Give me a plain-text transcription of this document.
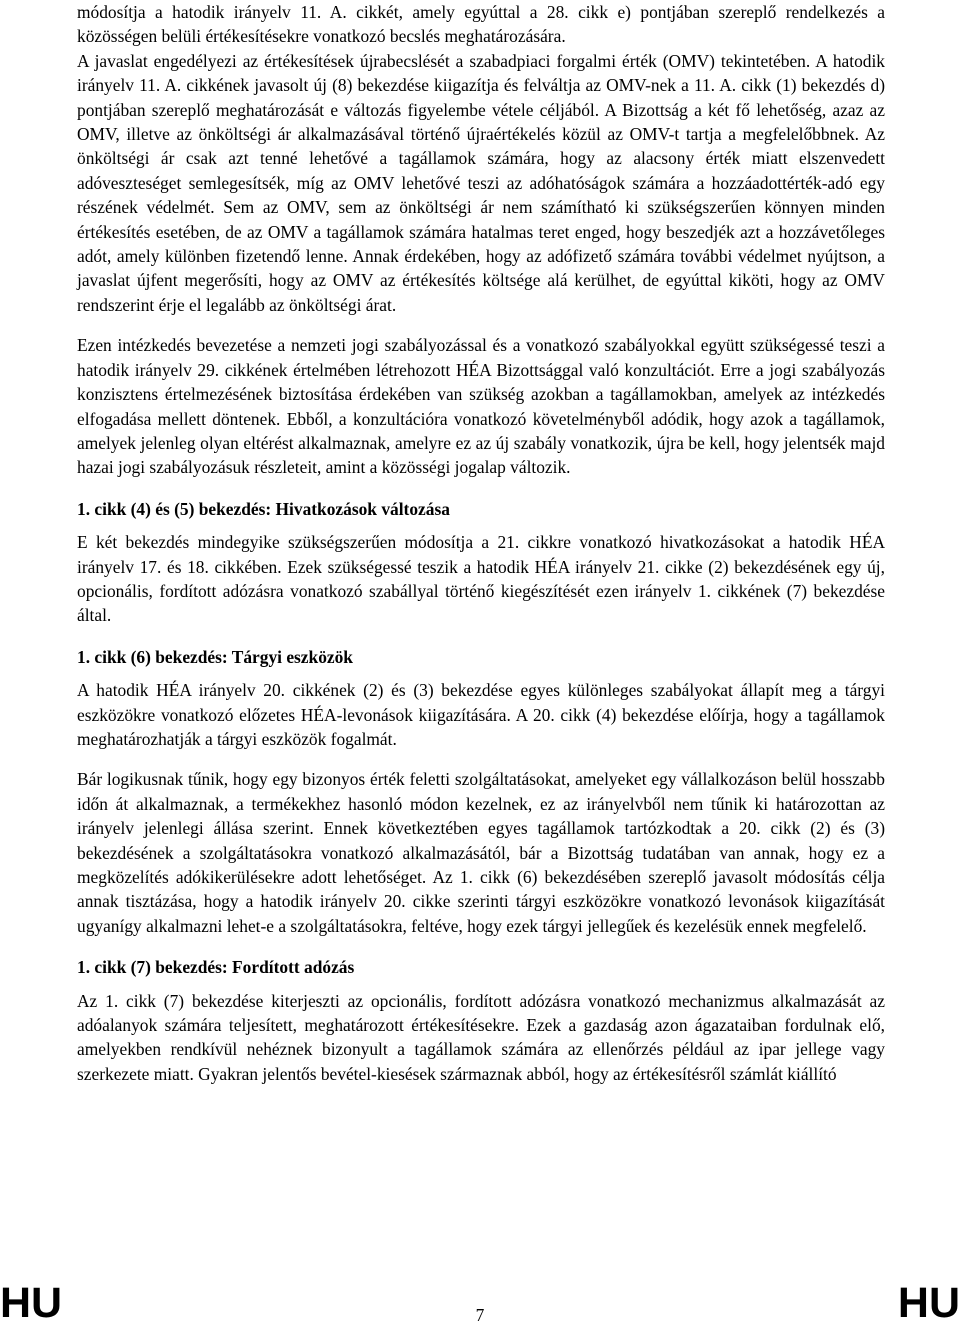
módosítja a hatodik irányelv 11. A. cikkét, amely egyúttal a 28. cikk e) pontjában szereplő rendelkezés a közösségen belüli értékesítésekre vonatkozó becslés meghatározására.

A javaslat engedélyezi az értékesítések újrabecslését a szabadpiaci forgalmi érték (OMV) tekintetében. A hatodik irányelv 11. A. cikkének javasolt új (8) bekezdése kiigazítja és felváltja az OMV-nek a 11. A. cikk (1) bekezdés d) pontjában szereplő meghatározását e változás figyelembe vétele céljából. A Bizottság a két fő lehetőség, azaz az OMV, illetve az önköltségi ár alkalmazásával történő újraértékelés közül az OMV-t tartja a megfelelőbbnek. Az önköltségi ár csak azt tenné lehetővé a tagállamok számára, hogy az alacsony érték miatt elszenvedett adóveszteséget semlegesítsék, míg az OMV lehetővé teszi az adóhatóságok számára a hozzáadottérték-adó egy részének védelmét. Sem az OMV, sem az önköltségi ár nem számítható ki szükségszerűen könnyen minden értékesítés esetében, de az OMV a tagállamok számára hatalmas teret enged, hogy beszedjék azt a hozzávetőleges adót, amely különben fizetendő lenne. Annak érdekében, hogy az adófizető számára további védelmet nyújtson, a javaslat újfent megerősíti, hogy az OMV az értékesítés költsége alá kerülhet, de egyúttal kiköti, hogy az OMV rendszerint érje el legalább az önköltségi árat.

Ezen intézkedés bevezetése a nemzeti jogi szabályozással és a vonatkozó szabályokkal együtt szükségessé teszi a hatodik irányelv 29. cikkének értelmében létrehozott HÉA Bizottsággal való konzultációt. Erre a jogi szabályozás konzisztens értelmezésének biztosítása érdekében van szükség azokban a tagállamokban, amelyek az intézkedés elfogadása mellett döntenek. Ebből, a konzultációra vonatkozó követelményből adódik, hogy azok a tagállamok, amelyek jelenleg olyan eltérést alkalmaznak, amelyre ez az új szabály vonatkozik, újra be kell, hogy jelentsék majd hazai jogi szabályozásuk részleteit, amint a közösségi jogalap változik.

1. cikk (4) és (5) bekezdés: Hivatkozások változása

E két bekezdés mindegyike szükségszerűen módosítja a 21. cikkre vonatkozó hivatkozásokat a hatodik HÉA irányelv 17. és 18. cikkében. Ezek szükségessé teszik a hatodik HÉA irányelv 21. cikke (2) bekezdésének egy új, opcionális, fordított adózásra vonatkozó szabállyal történő kiegészítését ezen irányelv 1. cikkének (7) bekezdése által.

1. cikk (6) bekezdés: Tárgyi eszközök

A hatodik HÉA irányelv 20. cikkének (2) és (3) bekezdése egyes különleges szabályokat állapít meg a tárgyi eszközökre vonatkozó előzetes HÉA-levonások kiigazítására. A 20. cikk (4) bekezdése előírja, hogy a tagállamok meghatározhatják a tárgyi eszközök fogalmát.

Bár logikusnak tűnik, hogy egy bizonyos érték feletti szolgáltatásokat, amelyeket egy vállalkozáson belül hosszabb időn át alkalmaznak, a termékekhez hasonló módon kezelnek, ez az irányelvből nem tűnik ki határozottan az irányelv jelenlegi állása szerint. Ennek következtében egyes tagállamok tartózkodtak a 20. cikk (2) és (3) bekezdésének a szolgáltatásokra vonatkozó alkalmazásától, bár a Bizottság tudatában van annak, hogy ez a megközelítés adókikerülésekre adott lehetőséget. Az 1. cikk (6) bekezdésében szereplő javasolt módosítás célja annak tisztázása, hogy a hatodik irányelv 20. cikke szerinti tárgyi eszközökre vonatkozó levonások kiigazítását ugyanígy alkalmazni lehet-e a szolgáltatásokra, feltéve, hogy ezek tárgyi jellegűek és kezelésük ennek megfelelő.

1. cikk (7) bekezdés: Fordított adózás

Az 1. cikk (7) bekezdése kiterjeszti az opcionális, fordított adózásra vonatkozó mechanizmus alkalmazását az adóalanyok számára teljesített, meghatározott értékesítésekre. Ezek a gazdaság azon ágazataiban fordulnak elő, amelyekben rendkívül nehéznek bizonyult a tagállamok számára az ellenőrzés például az ipar jellege vagy szerkezete miatt. Gyakran jelentős bevétel-kiesések származnak abból, hogy az értékesítésről számlát kiállító

HU	7	HU
